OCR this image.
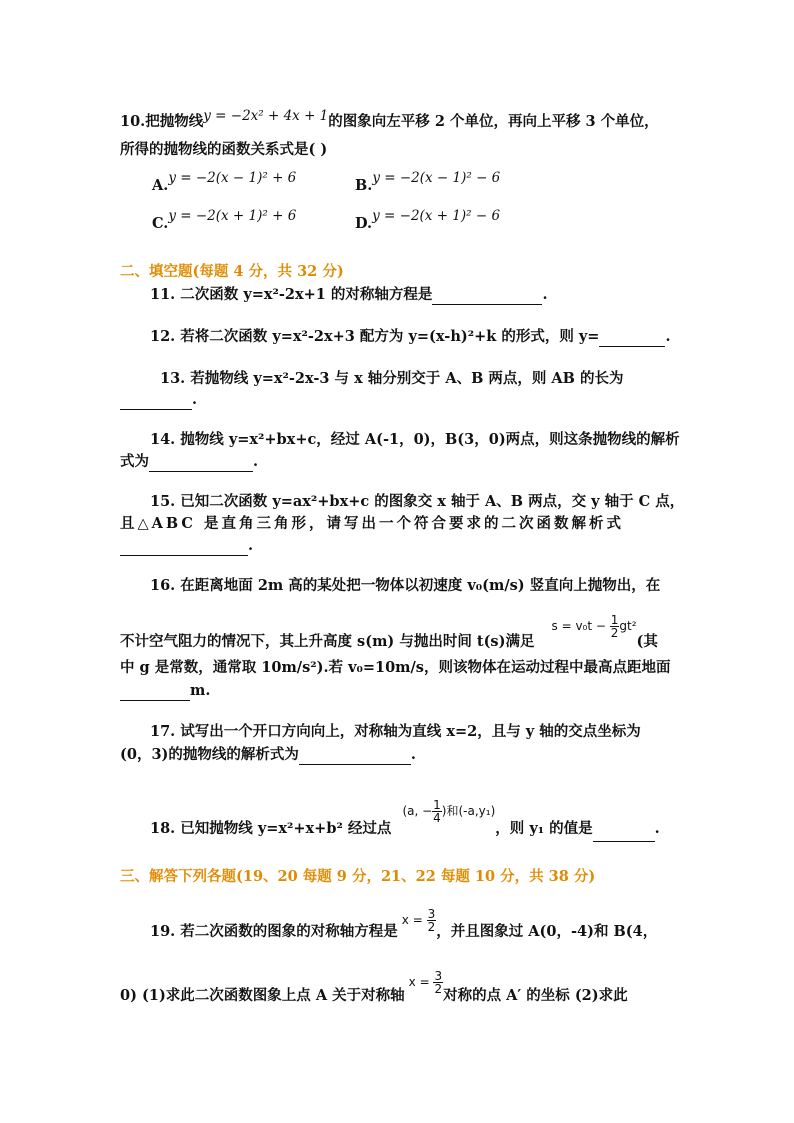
10.把抛物线y = −2x² + 4x + 1的图象向左平移 2 个单位，再向上平移 3 个单位，
所得的抛物线的函数关系式是( )
A.y = −2(x − 1)² + 6	B.y = −2(x − 1)² − 6
C.y = −2(x + 1)² + 6	D.y = −2(x + 1)² − 6
二、填空题(每题 4 分，共 32 分)
11. 二次函数 y=x²-2x+1 的对称轴方程是	.
12. 若将二次函数 y=x²-2x+3 配方为 y=(x-h)²+k 的形式，则 y=	.
13. 若抛物线 y=x²-2x-3 与 x 轴分别交于 A、B 两点，则 AB 的长为
.
14. 抛物线 y=x²+bx+c，经过 A(-1，0)，B(3，0)两点，则这条抛物线的解析
式为	.
15. 已知二次函数 y=ax²+bx+c 的图象交 x 轴于 A、B 两点，交 y 轴于 C 点，
且△ABC 是直角三角形，请写出一个符合要求的二次函数解析式
.
16. 在距离地面 2m 高的某处把一物体以初速度 v₀(m/s) 竖直向上抛物出，在
不计空气阻力的情况下，其上升高度 s(m) 与抛出时间 t(s)满足 $^{s = v_0t - \frac{1}{2} gt^2}$(其
中 g 是常数，通常取 10m/s²).若 v₀=10m/s，则该物体在运动过程中最高点距地面
m.
17. 试写出一个开口方向向上，对称轴为直线 x=2，且与 y 轴的交点坐标为
(0，3)的抛物线的解析式为	.
18. 已知抛物线 y=x²+x+b² 经过点 $^{(a, - \frac{1}{4} )和(-a,y_1)}$，则 y₁ 的值是	.
三、解答下列各题(19、20 每题 9 分，21、22 每题 10 分，共 38 分)
19. 若二次函数的图象的对称轴方程是$^{x = \frac{3}{2}}$ ，并且图象过 A(0，-4)和 B(4，
0) (1)求此二次函数图象上点 A 关于对称轴$^{x = \frac{3}{2}}$
对称的点 A′ 的坐标 (2)求此
